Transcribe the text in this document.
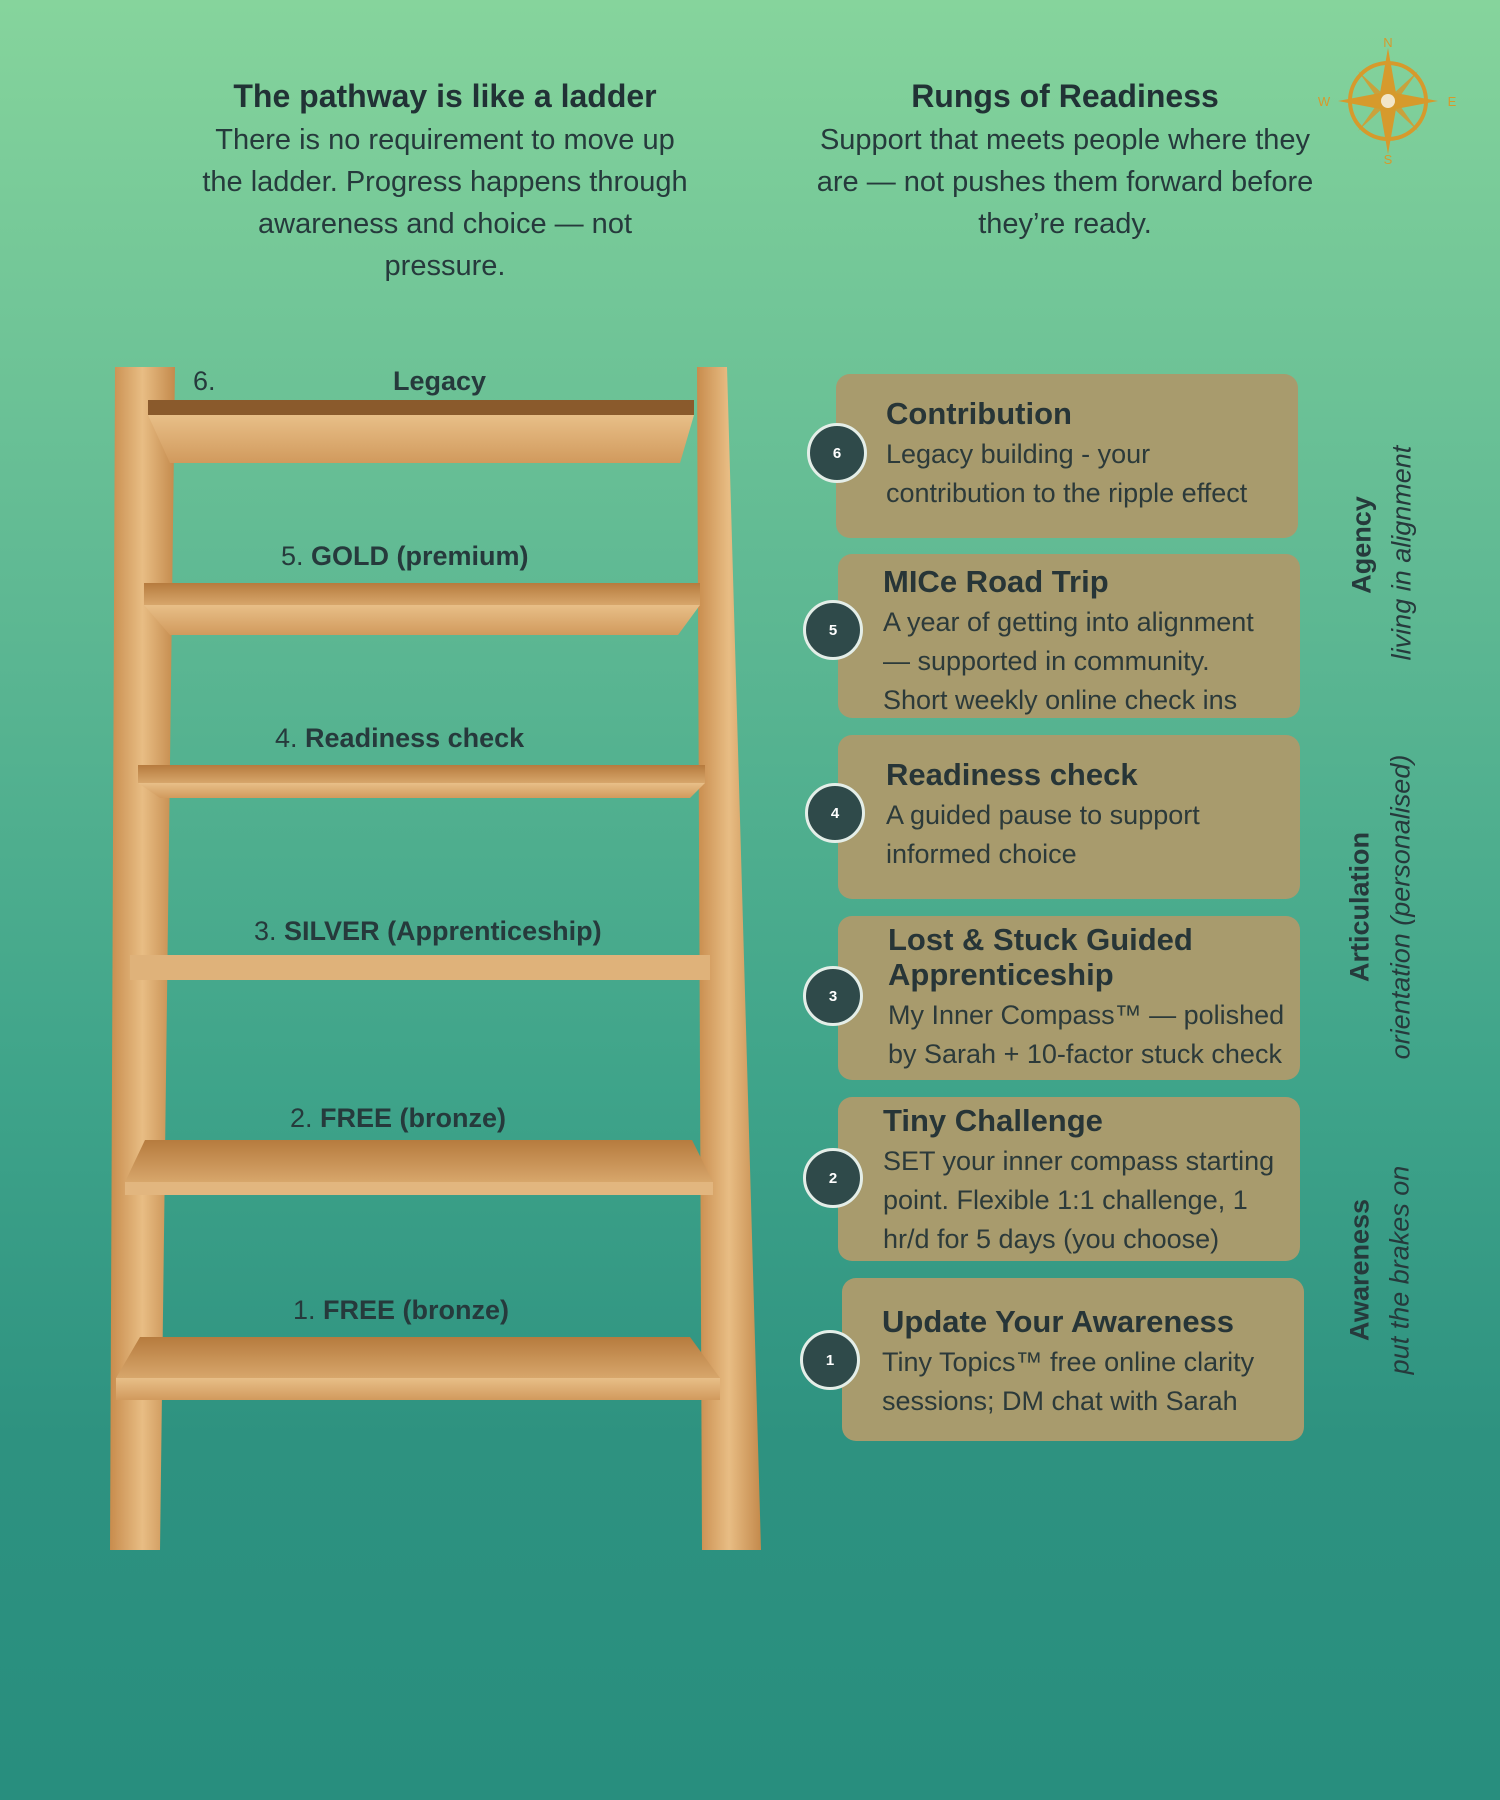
The pathway is like a ladder

There is no requirement to move up the ladder. Progress happens through awareness and choice — not pressure.

Rungs of Readiness

Support that meets people where they are — not pushes them forward before they’re ready.

N
S
W	E
6.	Legacy
5. GOLD (premium)
4. Readiness check
3. SILVER (Apprenticeship)
2. FREE (bronze)
1. FREE (bronze)
Contribution

Legacy building - your contribution to the ripple effect

6
MICe Road Trip

A year of getting into alignment — supported in community. Short weekly online check ins

5
Readiness check

A guided pause to support informed choice

4
Lost & Stuck Guided Apprenticeship

My Inner Compass™ — polished by Sarah + 10-factor stuck check

3
Tiny Challenge

SET your inner compass starting point. Flexible 1:1 challenge, 1 hr/d for 5 days (you choose)

2
Update Your Awareness

Tiny Topics™ free online clarity sessions; DM chat with Sarah

1
Agency living in alignment
Articulation orientation (personalised)
Awareness put the brakes on
